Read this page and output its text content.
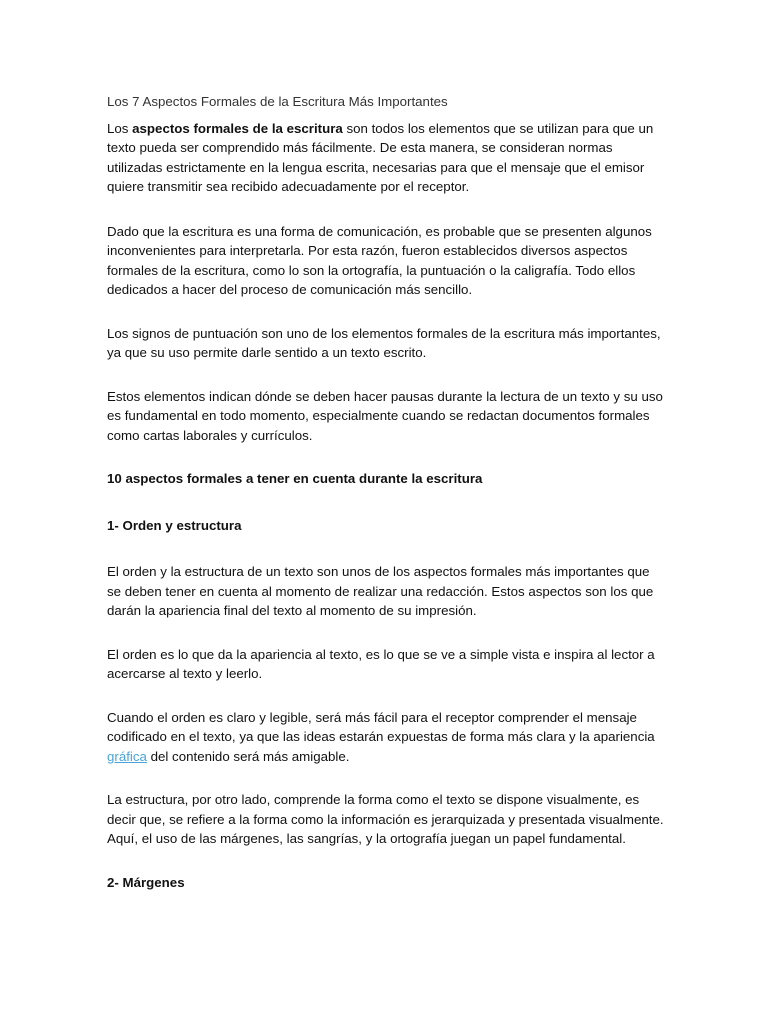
Los 7 Aspectos Formales de la Escritura Más Importantes

Los aspectos formales de la escritura son todos los elementos que se utilizan para que un texto pueda ser comprendido más fácilmente. De esta manera, se consideran normas utilizadas estrictamente en la lengua escrita, necesarias para que el mensaje que el emisor quiere transmitir sea recibido adecuadamente por el receptor.

Dado que la escritura es una forma de comunicación, es probable que se presenten algunos inconvenientes para interpretarla. Por esta razón, fueron establecidos diversos aspectos formales de la escritura, como lo son la ortografía, la puntuación o la caligrafía. Todo ellos dedicados a hacer del proceso de comunicación más sencillo.

Los signos de puntuación son uno de los elementos formales de la escritura más importantes, ya que su uso permite darle sentido a un texto escrito.

Estos elementos indican dónde se deben hacer pausas durante la lectura de un texto y su uso es fundamental en todo momento, especialmente cuando se redactan documentos formales como cartas laborales y currículos.

10 aspectos formales a tener en cuenta durante la escritura
1- Orden y estructura

El orden y la estructura de un texto son unos de los aspectos formales más importantes que se deben tener en cuenta al momento de realizar una redacción. Estos aspectos son los que darán la apariencia final del texto al momento de su impresión.

El orden es lo que da la apariencia al texto, es lo que se ve a simple vista e inspira al lector a acercarse al texto y leerlo.

Cuando el orden es claro y legible, será más fácil para el receptor comprender el mensaje codificado en el texto, ya que las ideas estarán expuestas de forma más clara y la apariencia gráfica del contenido será más amigable.

La estructura, por otro lado, comprende la forma como el texto se dispone visualmente, es decir que, se refiere a la forma como la información es jerarquizada y presentada visualmente. Aquí, el uso de las márgenes, las sangrías, y la ortografía juegan un papel fundamental.

2- Márgenes
